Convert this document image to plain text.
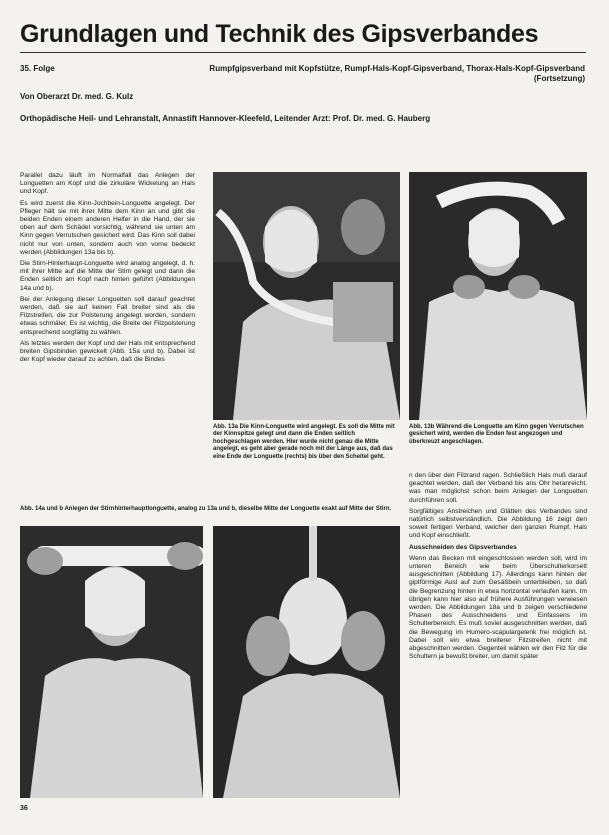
Grundlagen und Technik des Gipsverbandes
35. Folge	Rumpfgipsverband mit Kopfstütze, Rumpf-Hals-Kopf-Gipsverband, Thorax-Hals-Kopf-Gipsverband
(Fortsetzung)
Von Oberarzt Dr. med. G. Kulz
Orthopädische Heil- und Lehranstalt, Annastift Hannover-Kleefeld, Leitender Arzt: Prof. Dr. med. G. Hauberg

Parallel dazu läuft im Normalfall das Anlegen der Longuetten am Kopf und die zirkuläre Wickelung an Hals und Kopf.

Es wird zuerst die Kinn-Jochbein-Longuette angelegt. Der Pfleger hält sie mit ihrer Mitte dem Kinn an und gibt die beiden Enden einem anderen Helfer in die Hand, der sie oben auf dem Schädel vorsichtig, während sie unten am Kinn gegen Verrutschen gesichert wird. Das Kinn soll dabei nicht nur von unten, sondern auch von vorne bedeckt werden (Abbildungen 13a bis b).

Die Stirn-Hinterhaupt-Longuette wird analog angelegt, d. h. mit ihrer Mitte auf die Mitte der Stirn gelegt und dann die Enden seitlich am Kopf nach hinten geführt (Abbildungen 14a und b).

Bei der Anlegung dieser Longuetten soll darauf geachtet werden, daß sie auf keinen Fall breiter sind als die Filzstreifen, die zur Polsterung angelegt worden, sondern etwas schmäler. Es ist wichtig, die Breite der Filzpolsterung entsprechend sorgfältig zu wählen.

Als letztes werden der Kopf und der Hals mit entsprechend breiten Gipsbinden gewickelt (Abb. 15a und b). Dabei ist der Kopf wieder darauf zu achten, daß die Bindes

Abb. 13a Die Kinn-Longuette wird angelegt. Es soll die Mitte mit der Kinnspitze gelegt und dann die Enden seitlich hochgeschlagen werden. Hier wurde nicht genau die Mitte angelegt, es geht aber gerade noch mit der Länge aus, daß das eine Ende der Longuette (rechts) bis über den Scheitel geht.
Abb. 13b Während die Longuette am Kinn gegen Verrutschen gesichert wird, werden die Enden fest angezogen und überkreuzt angeschlagen.
Abb. 14a und b Anlegen der Stirnhinterhauptlonguette, analog zu 13a und b, dieselbe Mitte der Longuette exakt auf Mitte der Stirn.

n den über den Filzrand ragen. Schließlich Hals muß darauf geachtet werden, daß der Verband bis ans Ohr heranreicht, was man möglichst schon beim Anlegen der Longuetten durchführen soll.

Sorgfältiges Anstreichen und Glätten des Verbandes sind natürlich selbstverständlich. Die Abbildung 16 zeigt den soweit fertigen Verband, welcher den ganzen Rumpf, Hals und Kopf einschließt.

Ausschneiden des Gipsverbandes

Wenn das Becken mit eingeschlossen werden soll, wird im unteren Bereich wie beim Überschulterkorsett ausgeschnitten (Abbildung 17). Allerdings kann hinten der giptförmige Ausl auf zum Gesäßbein unterbleiben, so daß die Begrenzung hinten in etwa horizontal verlaufen kann. Im übrigen kann hier also auf frühere Ausführungen verwiesen werden. Die Abbildungen 18a und b zeigen verschiedene Phasen des Ausschneidens und Einfassens im Schulterbereich. Es muß soviel ausgeschnitten werden, daß die Bewegung im Humero-scapulargelenk frei möglich ist. Dabei soll ein etwa breiterer Filzstreifen nicht mit abgeschnitten werden. Gegenteil wählen wir den Filz für die Schultern ja bewußt breiter, um damit später

36
